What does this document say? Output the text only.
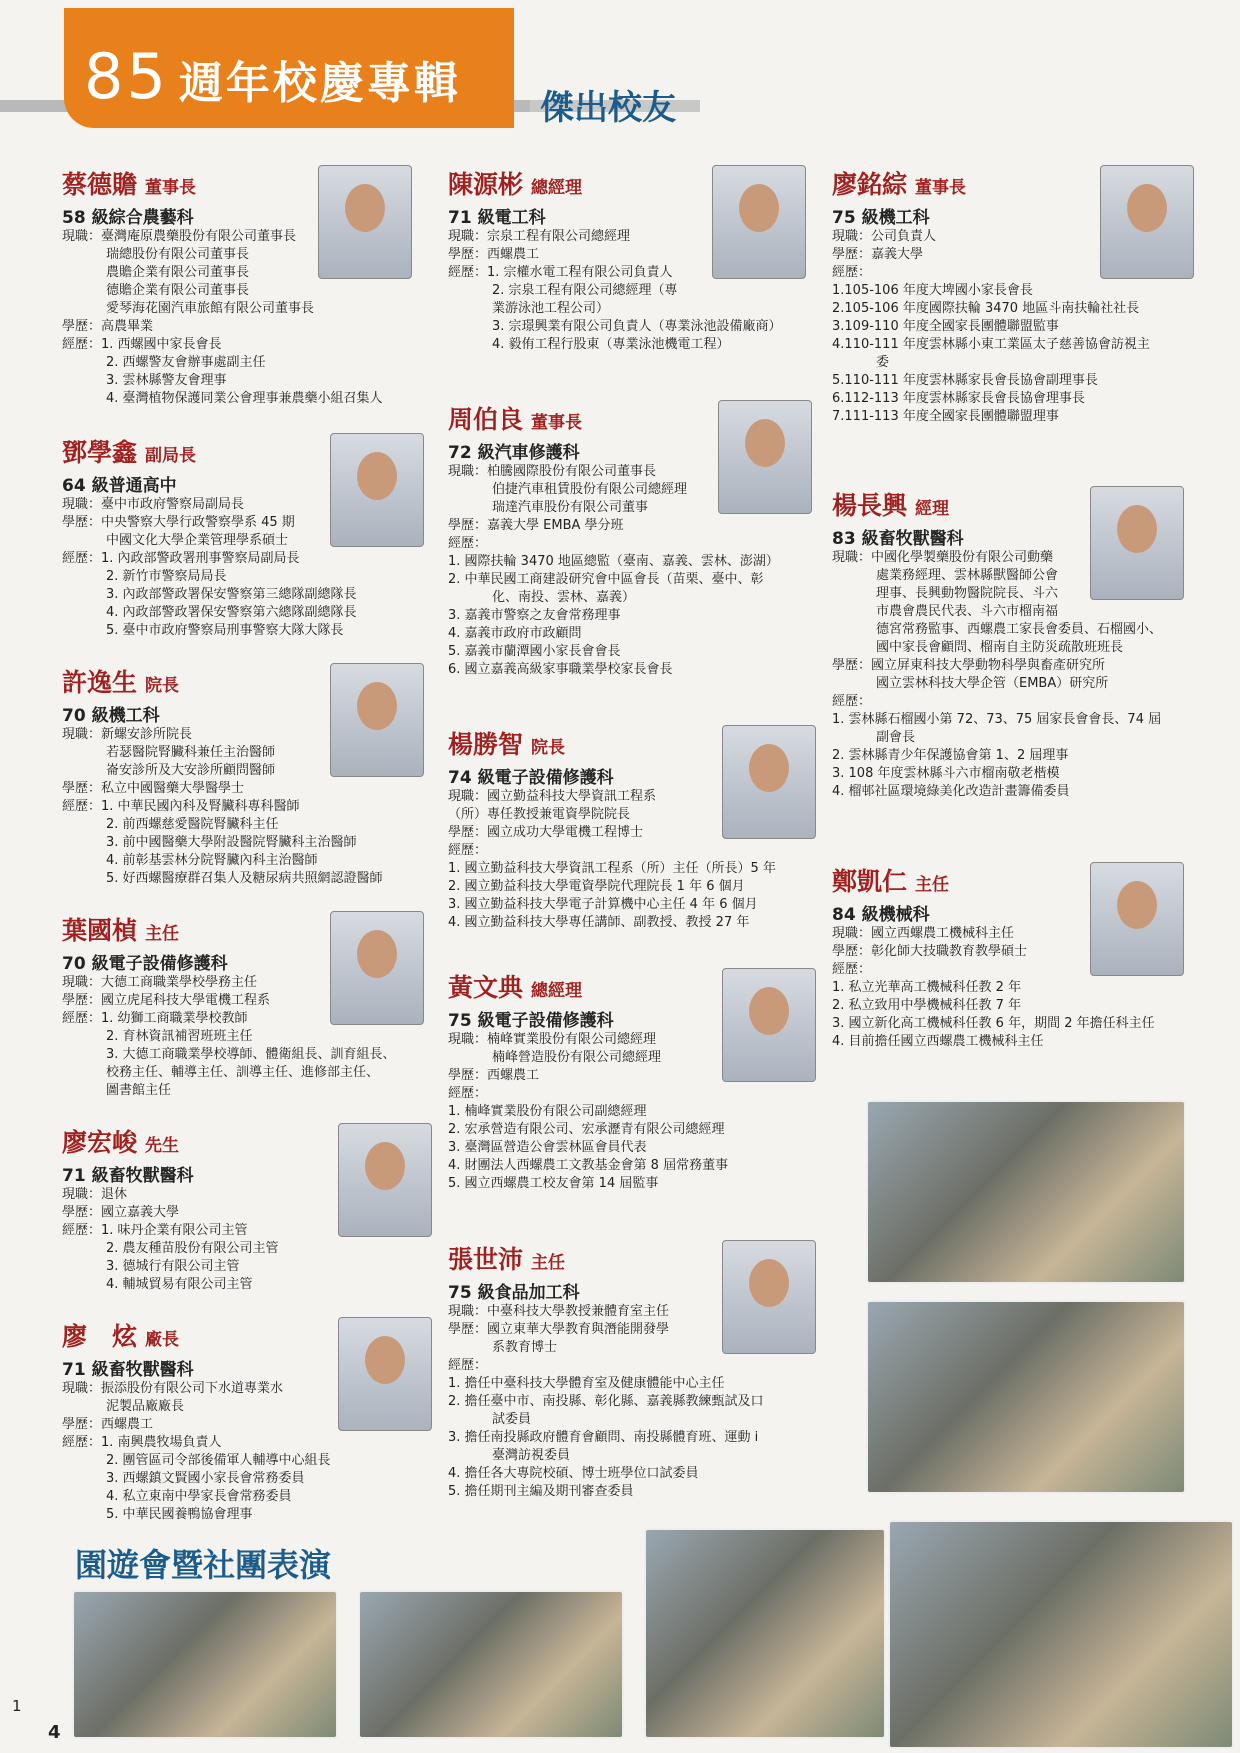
85 週年校慶專輯 傑出校友
蔡德贍 董事長
58 級綜合農藝科
現職：臺灣庵原農藥股份有限公司董事長
瑞總股份有限公司董事長
農贍企業有限公司董事長
德贍企業有限公司董事長
愛琴海花園汽車旅館有限公司董事長
學歷：高農畢業
經歷：1. 西螺國中家長會長
2. 西螺警友會辦事處副主任
3. 雲林縣警友會理事
4. 臺灣植物保護同業公會理事兼農藥小組召集人
鄧學鑫 副局長
64 級普通高中
現職：臺中市政府警察局副局長
學歷：中央警察大學行政警察學系 45 期
中國文化大學企業管理學系碩士
經歷：1. 內政部警政署刑事警察局副局長
2. 新竹市警察局局長
3. 內政部警政署保安警察第三總隊副總隊長
4. 內政部警政署保安警察第六總隊副總隊長
5. 臺中市政府警察局刑事警察大隊大隊長
許逸生 院長
70 級機工科
現職：新螺安診所院長
若瑟醫院腎臟科兼任主治醫師
崙安診所及大安診所顧問醫師
學歷：私立中國醫藥大學醫學士
經歷：1. 中華民國內科及腎臟科專科醫師
2. 前西螺慈愛醫院腎臟科主任
3. 前中國醫藥大學附設醫院腎臟科主治醫師
4. 前彰基雲林分院腎臟內科主治醫師
5. 好西螺醫療群召集人及糖尿病共照網認證醫師
葉國楨 主任
70 級電子設備修護科
現職：大德工商職業學校學務主任
學歷：國立虎尾科技大學電機工程系
經歷：1. 幼獅工商職業學校教師
2. 育林資訊補習班班主任
3. 大德工商職業學校導師、體衛組長、訓育組長、
校務主任、輔導主任、訓導主任、進修部主任、
圖書館主任
廖宏峻 先生
71 級畜牧獸醫科
現職：退休
學歷：國立嘉義大學
經歷：1. 味丹企業有限公司主管
2. 農友種苗股份有限公司主管
3. 德城行有限公司主管
4. 輔城貿易有限公司主管
廖　炫 廠長
71 級畜牧獸醫科
現職：振添股份有限公司下水道專業水
泥製品廠廠長
學歷：西螺農工
經歷：1. 南興農牧場負責人
2. 團管區司令部後備軍人輔導中心組長
3. 西螺鎮文賢國小家長會常務委員
4. 私立東南中學家長會常務委員
5. 中華民國養鴨協會理事
陳源彬 總經理
71 級電工科
現職：宗泉工程有限公司總經理
學歷：西螺農工
經歷：1. 宗權水電工程有限公司負責人
2. 宗泉工程有限公司總經理（專
業游泳池工程公司）
3. 宗璟興業有限公司負責人（專業泳池設備廠商）
4. 毅侑工程行股東（專業泳池機電工程）
周伯良 董事長
72 級汽車修護科
現職：柏騰國際股份有限公司董事長
伯捷汽車租賃股份有限公司總經理
瑞達汽車股份有限公司董事
學歷：嘉義大學 EMBA 學分班
經歷：
1. 國際扶輪 3470 地區總監（臺南、嘉義、雲林、澎湖）
2. 中華民國工商建設研究會中區會長（苗栗、臺中、彰
化、南投、雲林、嘉義）
3. 嘉義市警察之友會常務理事
4. 嘉義市政府市政顧問
5. 嘉義市蘭潭國小家長會會長
6. 國立嘉義高級家事職業學校家長會長
楊勝智 院長
74 級電子設備修護科
現職：國立勤益科技大學資訊工程系
（所）專任教授兼電資學院院長
學歷：國立成功大學電機工程博士
經歷：
1. 國立勤益科技大學資訊工程系（所）主任（所長）5 年
2. 國立勤益科技大學電資學院代理院長 1 年 6 個月
3. 國立勤益科技大學電子計算機中心主任 4 年 6 個月
4. 國立勤益科技大學專任講師、副教授、教授 27 年
黃文典 總經理
75 級電子設備修護科
現職：楠峰實業股份有限公司總經理
楠峰營造股份有限公司總經理
學歷：西螺農工
經歷：
1. 楠峰實業股份有限公司副總經理
2. 宏承營造有限公司、宏承瀝青有限公司總經理
3. 臺灣區營造公會雲林區會員代表
4. 財團法人西螺農工文教基金會第 8 屆常務董事
5. 國立西螺農工校友會第 14 屆監事
張世沛 主任
75 級食品加工科
現職：中臺科技大學教授兼體育室主任
學歷：國立東華大學教育與潛能開發學
系教育博士
經歷：
1. 擔任中臺科技大學體育室及健康體能中心主任
2. 擔任臺中市、南投縣、彰化縣、嘉義縣教練甄試及口
試委員
3. 擔任南投縣政府體育會顧問、南投縣體育班、運動 i
臺灣訪視委員
4. 擔任各大專院校碩、博士班學位口試委員
5. 擔任期刊主編及期刊審查委員
廖銘綜 董事長
75 級機工科
現職：公司負責人
學歷：嘉義大學
經歷：
1.105-106 年度大埤國小家長會長
2.105-106 年度國際扶輪 3470 地區斗南扶輪社社長
3.109-110 年度全國家長團體聯盟監事
4.110-111 年度雲林縣小東工業區太子慈善協會訪視主
委
5.110-111 年度雲林縣家長會長協會副理事長
6.112-113 年度雲林縣家長會長協會理事長
7.111-113 年度全國家長團體聯盟理事
楊長興 經理
83 級畜牧獸醫科
現職：中國化學製藥股份有限公司動藥
處業務經理、雲林縣獸醫師公會
理事、長興動物醫院院長、斗六
市農會農民代表、斗六市榴南福
德宮常務監事、西螺農工家長會委員、石榴國小、
國中家長會顧問、榴南自主防災疏散班班長
學歷：國立屏東科技大學動物科學與畜產研究所
國立雲林科技大學企管（EMBA）研究所
經歷：
1. 雲林縣石榴國小第 72、73、75 屆家長會會長、74 屆
副會長
2. 雲林縣青少年保護協會第 1、2 屆理事
3. 108 年度雲林縣斗六市榴南敬老楷模
4. 榴邨社區環境綠美化改造計畫籌備委員
鄭凱仁 主任
84 級機械科
現職：國立西螺農工機械科主任
學歷：彰化師大技職教育教學碩士
經歷：
1. 私立光華高工機械科任教 2 年
2. 私立致用中學機械科任教 7 年
3. 國立新化高工機械科任教 6 年，期間 2 年擔任科主任
4. 目前擔任國立西螺農工機械科主任
園遊會暨社團表演
1
4
